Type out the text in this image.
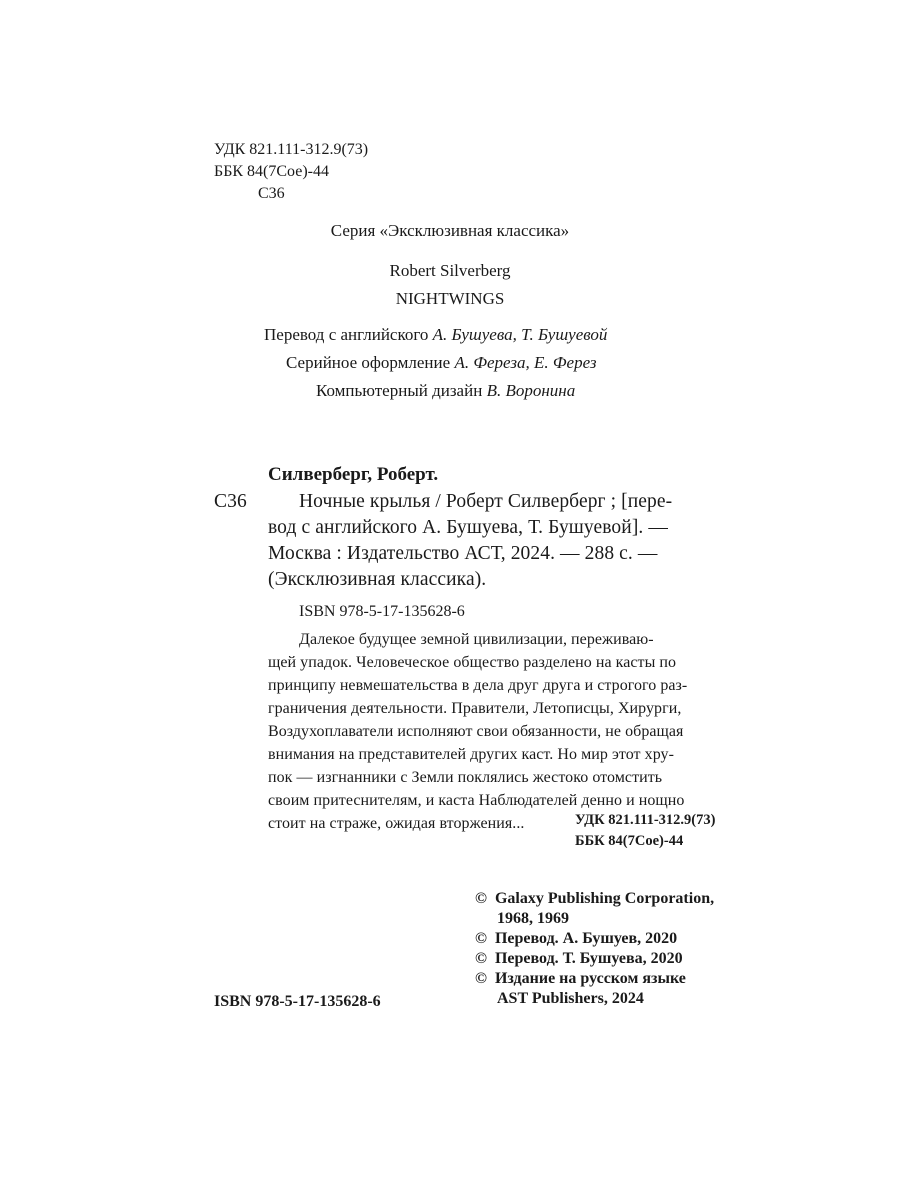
УДК 821.111-312.9(73)
ББК 84(7Сое)-44
С36
Серия «Эксклюзивная классика»
Robert Silverberg
NIGHTWINGS
Перевод с английского А. Бушуева, Т. Бушуевой
Серийное оформление А. Фереза, Е. Ферез
Компьютерный дизайн В. Воронина
Силверберг, Роберт.
С36	Ночные крылья / Роберт Силверберг ; [пере-
вод с английского А. Бушуева, Т. Бушуевой]. —
Москва : Издательство АСТ, 2024. — 288 с. —
(Эксклюзивная классика).
ISBN 978-5-17-135628-6
Далекое будущее земной цивилизации, переживаю-
щей упадок. Человеческое общество разделено на касты по
принципу невмешательства в дела друг друга и строгого раз-
граничения деятельности. Правители, Летописцы, Хирурги,
Воздухоплаватели исполняют свои обязанности, не обращая
внимания на представителей других каст. Но мир этот хру-
пок — изгнанники с Земли поклялись жестоко отомстить
своим притеснителям, и каста Наблюдателей денно и нощно
стоит на страже, ожидая вторжения...	УДК 821.111-312.9(73)
ББК 84(7Сое)-44
© Galaxy Publishing Corporation,
1968, 1969
© Перевод. А. Бушуев, 2020
© Перевод. Т. Бушуева, 2020
© Издание на русском языке
AST Publishers, 2024
ISBN 978-5-17-135628-6
